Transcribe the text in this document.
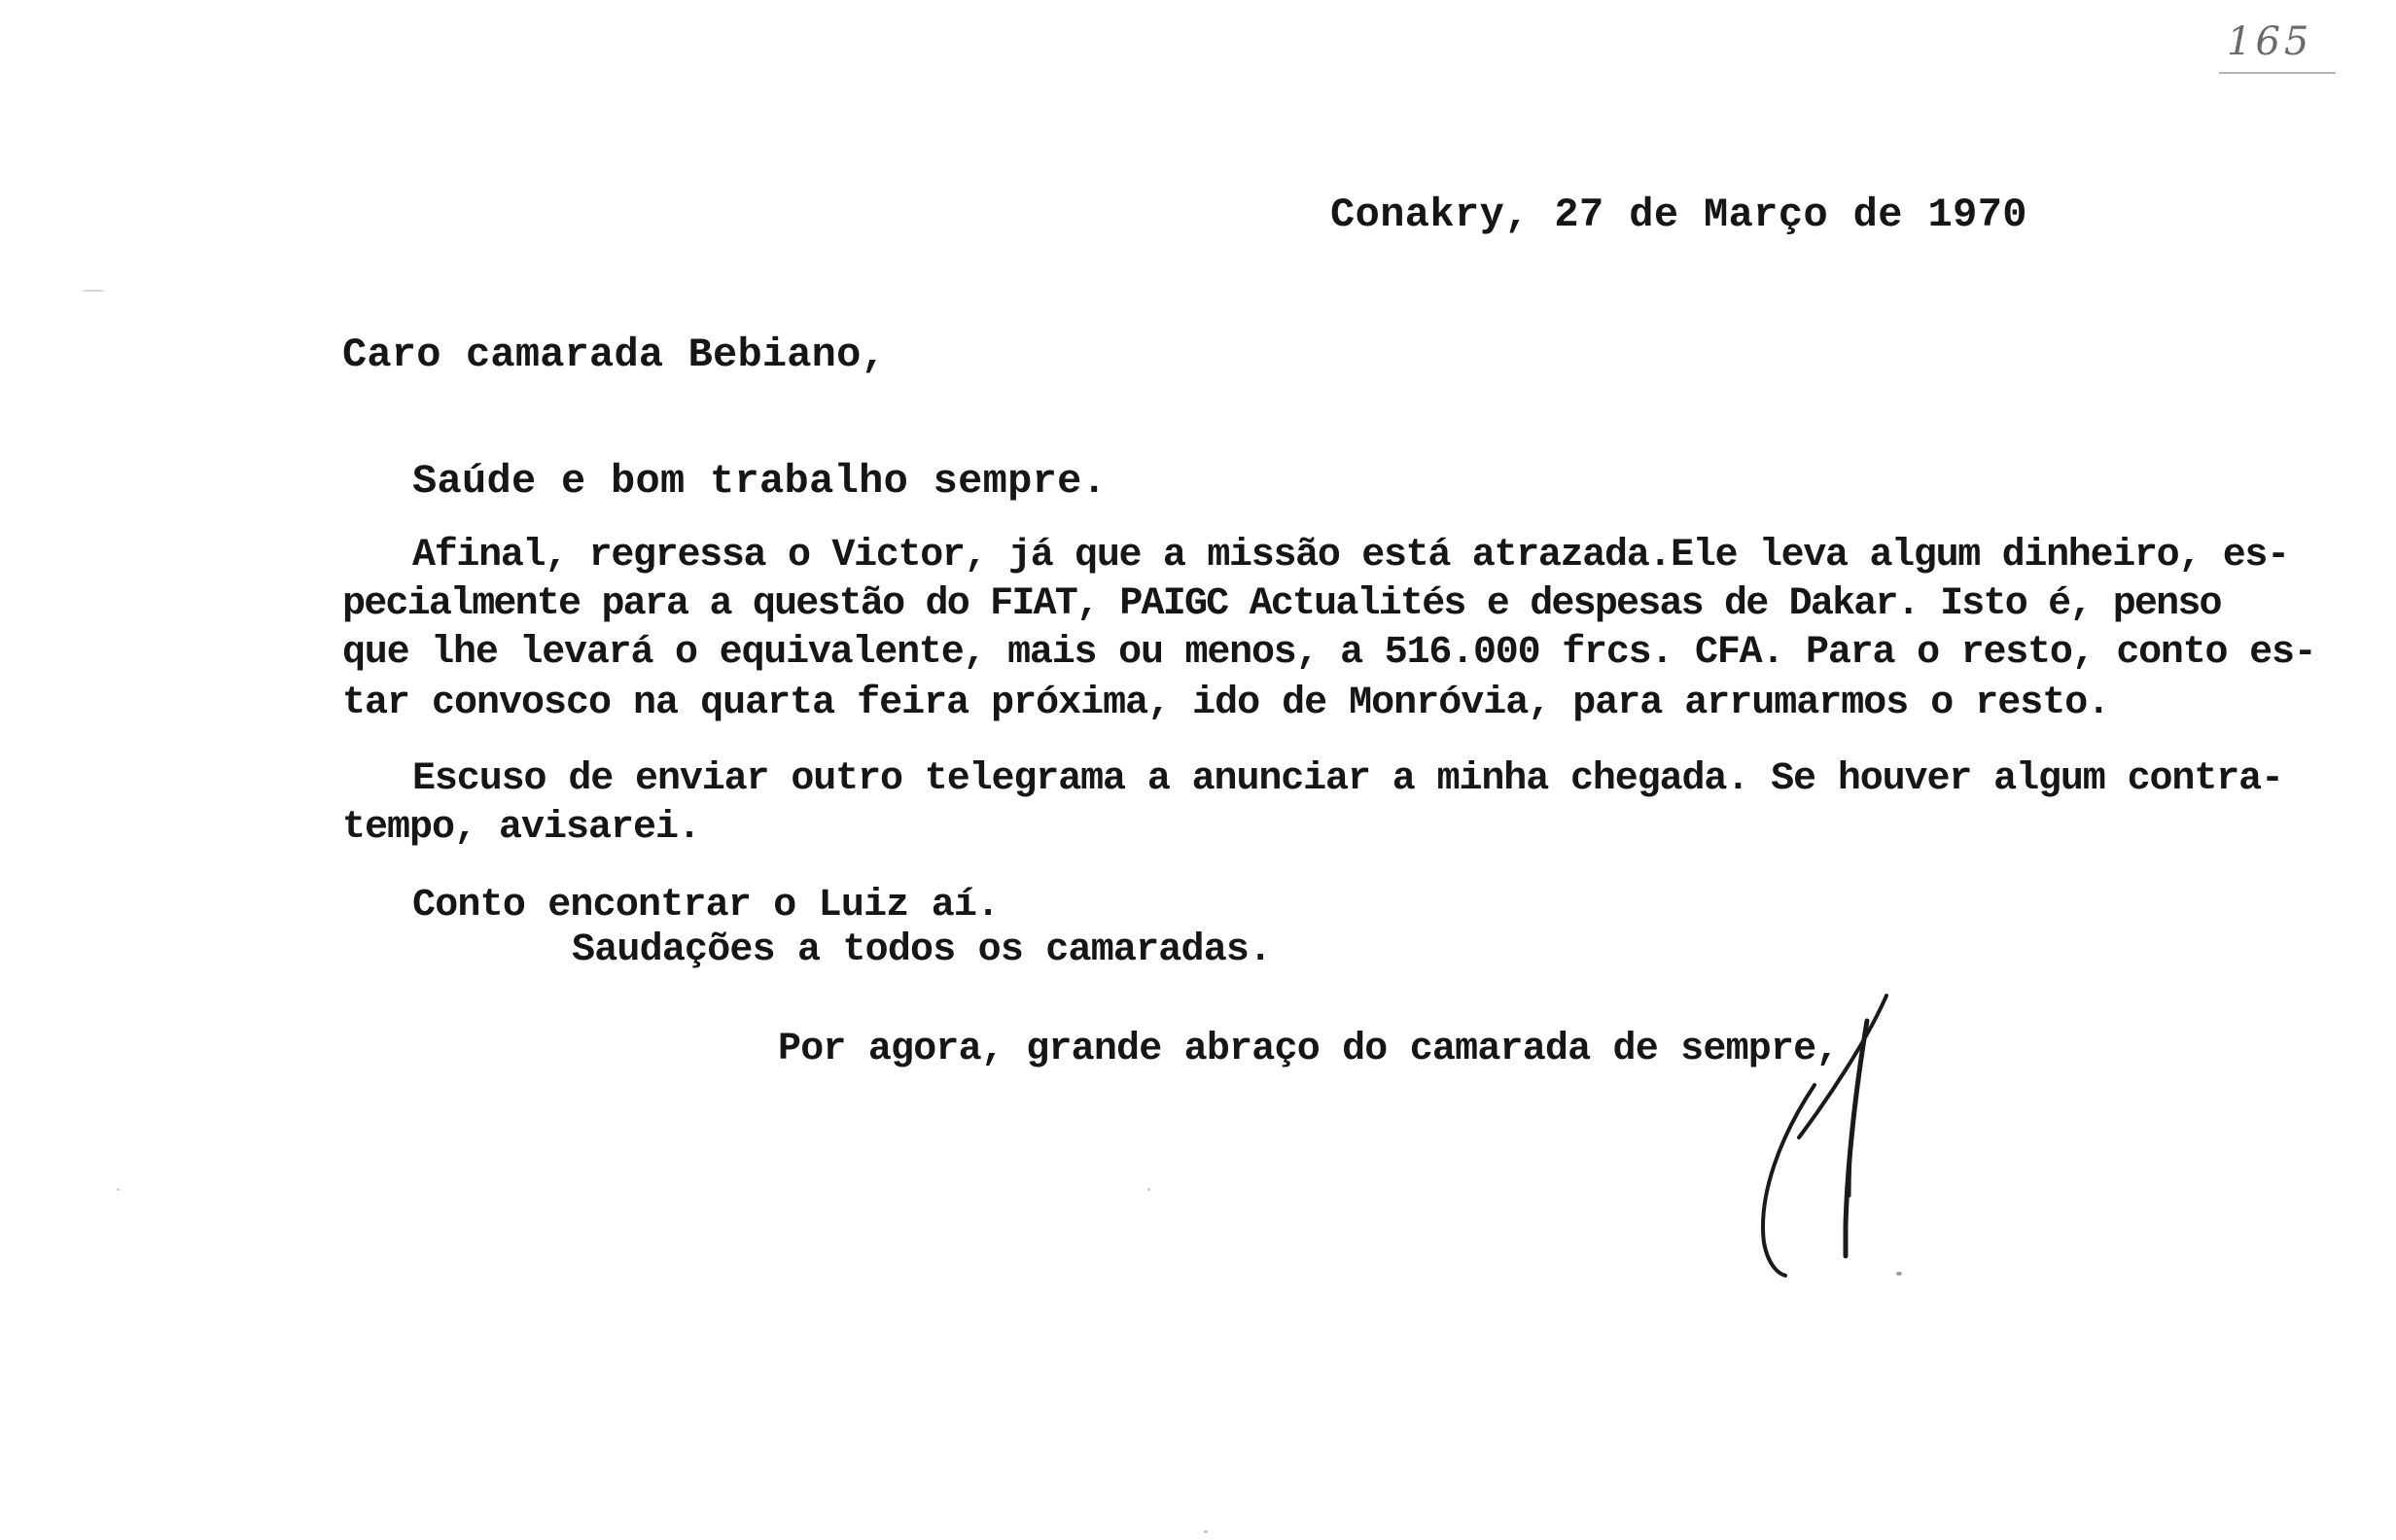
165
Conakry, 27 de Março de 1970
Caro camarada Bebiano,
Saúde e bom trabalho sempre.
Afinal, regressa o Victor, já que a missão está atrazada.Ele leva algum dinheiro, es-
pecialmente para a questão do FIAT, PAIGC Actualités e despesas de Dakar. Isto é, penso
que lhe levará o equivalente, mais ou menos, a 516.000 frcs. CFA. Para o resto, conto es-
tar convosco na quarta feira próxima, ido de Monróvia, para arrumarmos o resto.
Escuso de enviar outro telegrama a anunciar a minha chegada. Se houver algum contra-
tempo, avisarei.
Conto encontrar o Luiz aí.
Saudações a todos os camaradas.
Por agora, grande abraço do camarada de sempre,
